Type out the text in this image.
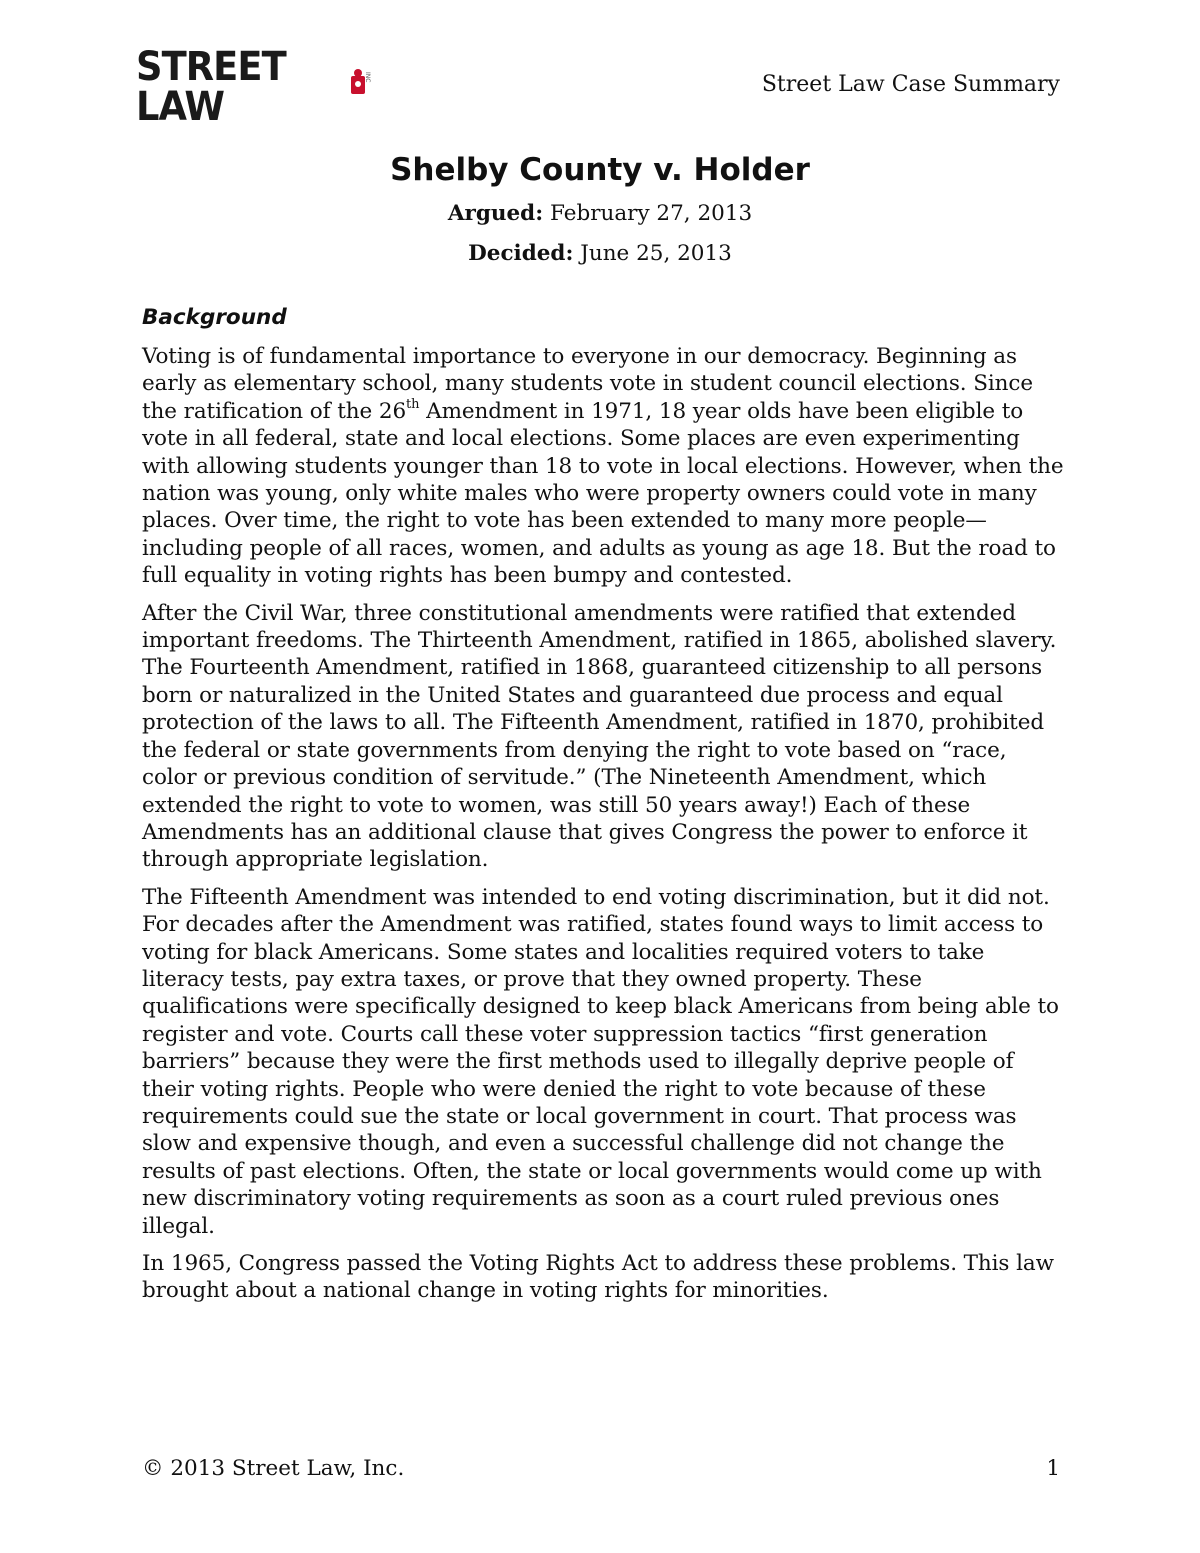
STREET LAW
INC	Street Law Case Summary
Shelby County v. Holder
Argued: February 27, 2013
Decided: June 25, 2013
Background

Voting is of fundamental importance to everyone in our democracy. Beginning as early as elementary school, many students vote in student council elections. Since the ratification of the 26th Amendment in 1971, 18 year olds have been eligible to vote in all federal, state and local elections. Some places are even experimenting with allowing students younger than 18 to vote in local elections. However, when the nation was young, only white males who were property owners could vote in many places. Over time, the right to vote has been extended to many more people—including people of all races, women, and adults as young as age 18. But the road to full equality in voting rights has been bumpy and contested.

After the Civil War, three constitutional amendments were ratified that extended important freedoms. The Thirteenth Amendment, ratified in 1865, abolished slavery. The Fourteenth Amendment, ratified in 1868, guaranteed citizenship to all persons born or naturalized in the United States and guaranteed due process and equal protection of the laws to all. The Fifteenth Amendment, ratified in 1870, prohibited the federal or state governments from denying the right to vote based on “race, color or previous condition of servitude.” (The Nineteenth Amendment, which extended the right to vote to women, was still 50 years away!) Each of these Amendments has an additional clause that gives Congress the power to enforce it through appropriate legislation.

The Fifteenth Amendment was intended to end voting discrimination, but it did not. For decades after the Amendment was ratified, states found ways to limit access to voting for black Americans. Some states and localities required voters to take literacy tests, pay extra taxes, or prove that they owned property. These qualifications were specifically designed to keep black Americans from being able to register and vote. Courts call these voter suppression tactics “first generation barriers” because they were the first methods used to illegally deprive people of their voting rights. People who were denied the right to vote because of these requirements could sue the state or local government in court. That process was slow and expensive though, and even a successful challenge did not change the results of past elections. Often, the state or local governments would come up with new discriminatory voting requirements as soon as a court ruled previous ones illegal.

In 1965, Congress passed the Voting Rights Act to address these problems. This law brought about a national change in voting rights for minorities.

© 2013 Street Law, Inc.	1
